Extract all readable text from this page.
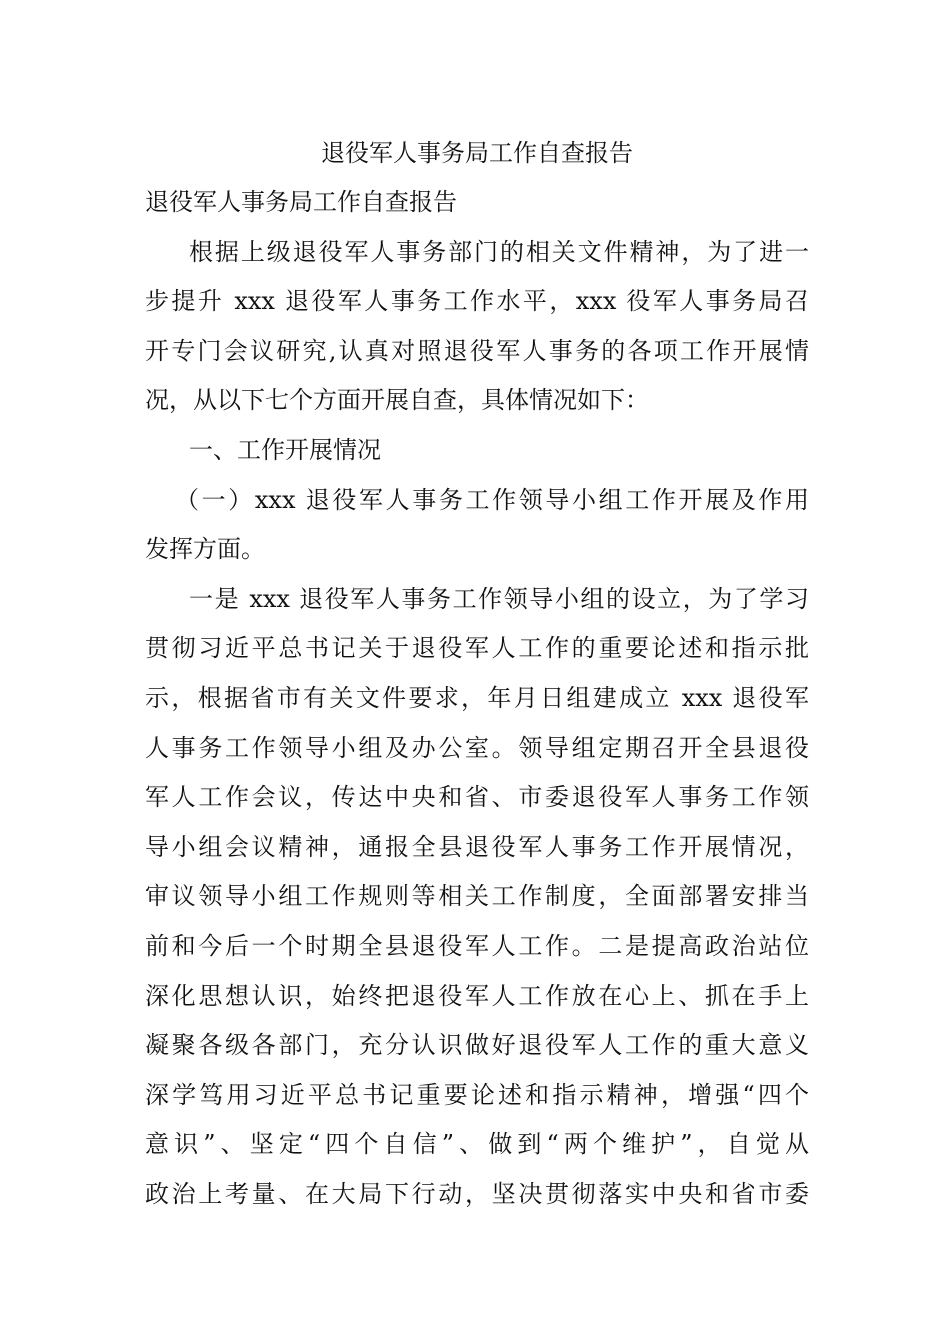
退役军人事务局工作自查报告
退役军人事务局工作自查报告
根据上级退役军人事务部门的相关文件精神，为了进一
步提升 xxx 退役军人事务工作水平，xxx 役军人事务局召
开专门会议研究,认真对照退役军人事务的各项工作开展情
况，从以下七个方面开展自查，具体情况如下：
一、工作开展情况
（一）xxx 退役军人事务工作领导小组工作开展及作用
发挥方面。
一是 xxx 退役军人事务工作领导小组的设立，为了学习
贯彻习近平总书记关于退役军人工作的重要论述和指示批
示，根据省市有关文件要求，年月日组建成立 xxx 退役军
人事务工作领导小组及办公室。领导组定期召开全县退役
军人工作会议，传达中央和省、市委退役军人事务工作领
导小组会议精神，通报全县退役军人事务工作开展情况，
审议领导小组工作规则等相关工作制度，全面部署安排当
前和今后一个时期全县退役军人工作。二是提高政治站位
深化思想认识，始终把退役军人工作放在心上、抓在手上
凝聚各级各部门，充分认识做好退役军人工作的重大意义
深学笃用习近平总书记重要论述和指示精神，增强“四个
意识”、坚定“四个自信”、做到“两个维护”，自觉从
政治上考量、在大局下行动，坚决贯彻落实中央和省市委
